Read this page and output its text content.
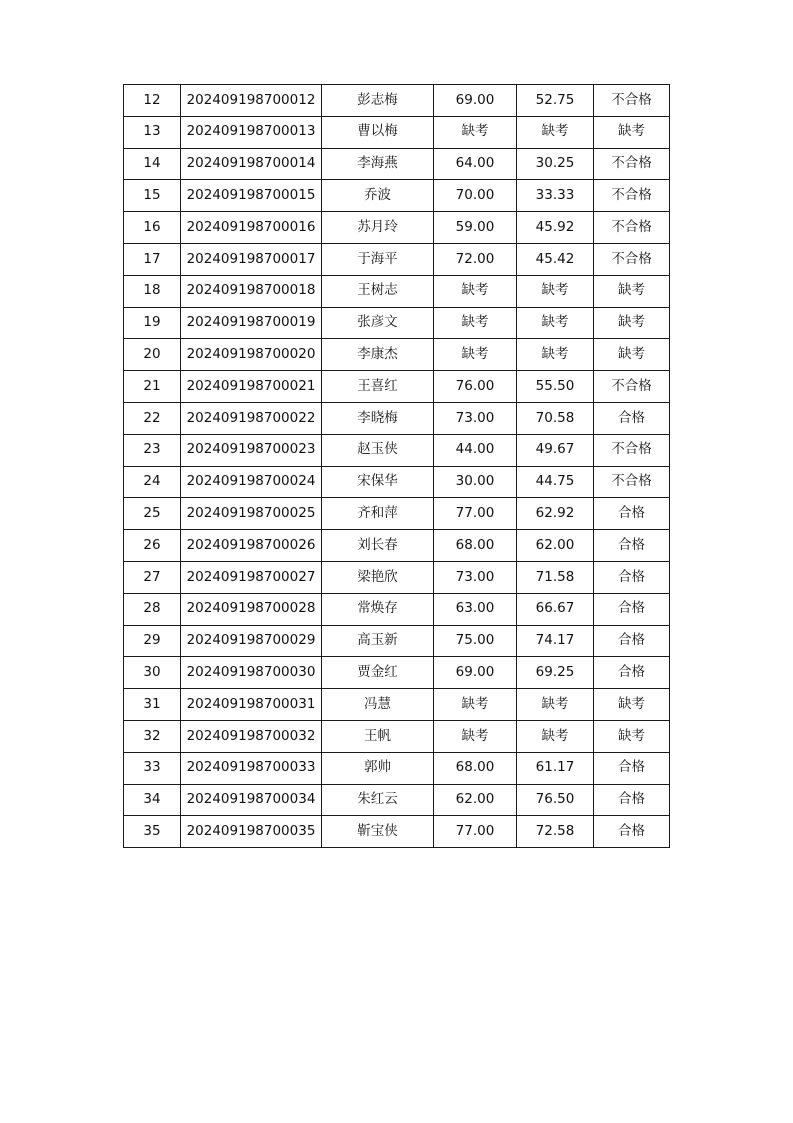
12	202409198700012	彭志梅	69.00	52.75	不合格
13	202409198700013	曹以梅	缺考	缺考	缺考
14	202409198700014	李海燕	64.00	30.25	不合格
15	202409198700015	乔波	70.00	33.33	不合格
16	202409198700016	苏月玲	59.00	45.92	不合格
17	202409198700017	于海平	72.00	45.42	不合格
18	202409198700018	王树志	缺考	缺考	缺考
19	202409198700019	张彦文	缺考	缺考	缺考
20	202409198700020	李康杰	缺考	缺考	缺考
21	202409198700021	王喜红	76.00	55.50	不合格
22	202409198700022	李晓梅	73.00	70.58	合格
23	202409198700023	赵玉侠	44.00	49.67	不合格
24	202409198700024	宋保华	30.00	44.75	不合格
25	202409198700025	齐和萍	77.00	62.92	合格
26	202409198700026	刘长春	68.00	62.00	合格
27	202409198700027	梁艳欣	73.00	71.58	合格
28	202409198700028	常焕存	63.00	66.67	合格
29	202409198700029	高玉新	75.00	74.17	合格
30	202409198700030	贾金红	69.00	69.25	合格
31	202409198700031	冯慧	缺考	缺考	缺考
32	202409198700032	王帆	缺考	缺考	缺考
33	202409198700033	郭帅	68.00	61.17	合格
34	202409198700034	朱红云	62.00	76.50	合格
35	202409198700035	靳宝侠	77.00	72.58	合格
